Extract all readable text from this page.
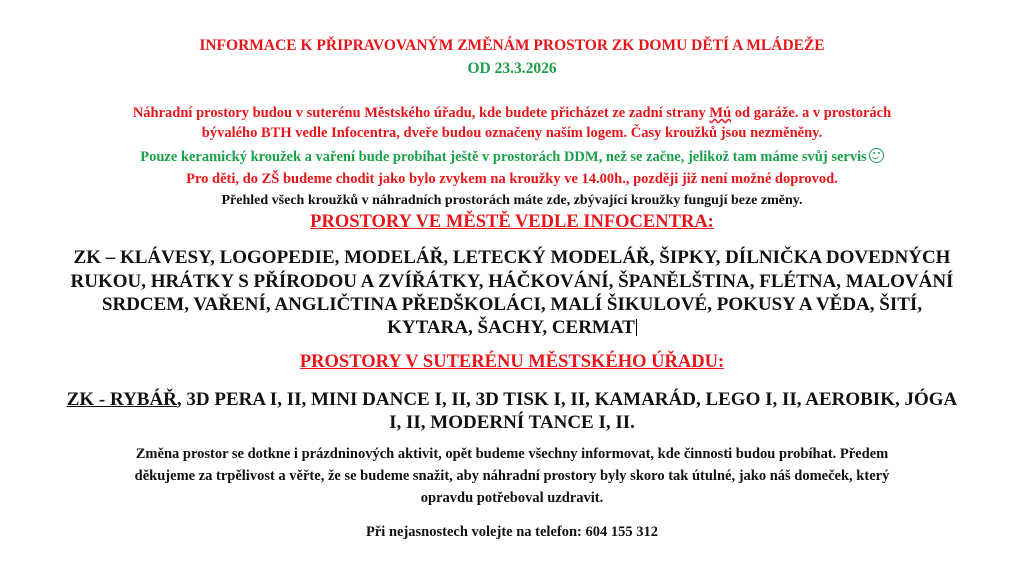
INFORMACE K PŘIPRAVOVANÝM ZMĚNÁM PROSTOR ZK DOMU DĚTÍ A MLÁDEŽE
OD 23.3.2026
Náhradní prostory budou v suterénu Městského úřadu, kde budete přicházet ze zadní strany Mú od garáže. a v prostorách
bývalého BTH vedle Infocentra, dveře budou označeny naším logem. Časy kroužků jsou nezměněny.
Pouze keramický kroužek a vaření bude probíhat ještě v prostorách DDM, než se začne, jelikož tam máme svůj servis
Pro děti, do ZŠ budeme chodit jako bylo zvykem na kroužky ve 14.00h., později již není možné doprovod.
Přehled všech kroužků v náhradních prostorách máte zde, zbývající kroužky fungují beze změny.
PROSTORY VE MĚSTĚ VEDLE INFOCENTRA:
ZK – KLÁVESY, LOGOPEDIE, MODELÁŘ, LETECKÝ MODELÁŘ, ŠIPKY, DÍLNIČKA DOVEDNÝCH
RUKOU, HRÁTKY S PŘÍRODOU A ZVÍŘÁTKY, HÁČKOVÁNÍ, ŠPANĚLŠTINA, FLÉTNA, MALOVÁNÍ
SRDCEM, VAŘENÍ, ANGLIČTINA PŘEDŠKOLÁCI, MALÍ ŠIKULOVÉ, POKUSY A VĚDA, ŠITÍ,
KYTARA, ŠACHY, CERMAT
PROSTORY V SUTERÉNU MĚSTSKÉHO ÚŘADU:
ZK - RYBÁŘ, 3D PERA I, II, MINI DANCE I, II, 3D TISK I, II, KAMARÁD, LEGO I, II, AEROBIK, JÓGA
I, II, MODERNÍ TANCE I, II.
Změna prostor se dotkne i prázdninových aktivit, opět budeme všechny informovat, kde činnosti budou probíhat. Předem
děkujeme za trpělivost a věřte, že se budeme snažit, aby náhradní prostory byly skoro tak útulné, jako náš domeček, který
opravdu potřeboval uzdravit.
Při nejasnostech volejte na telefon: 604 155 312
